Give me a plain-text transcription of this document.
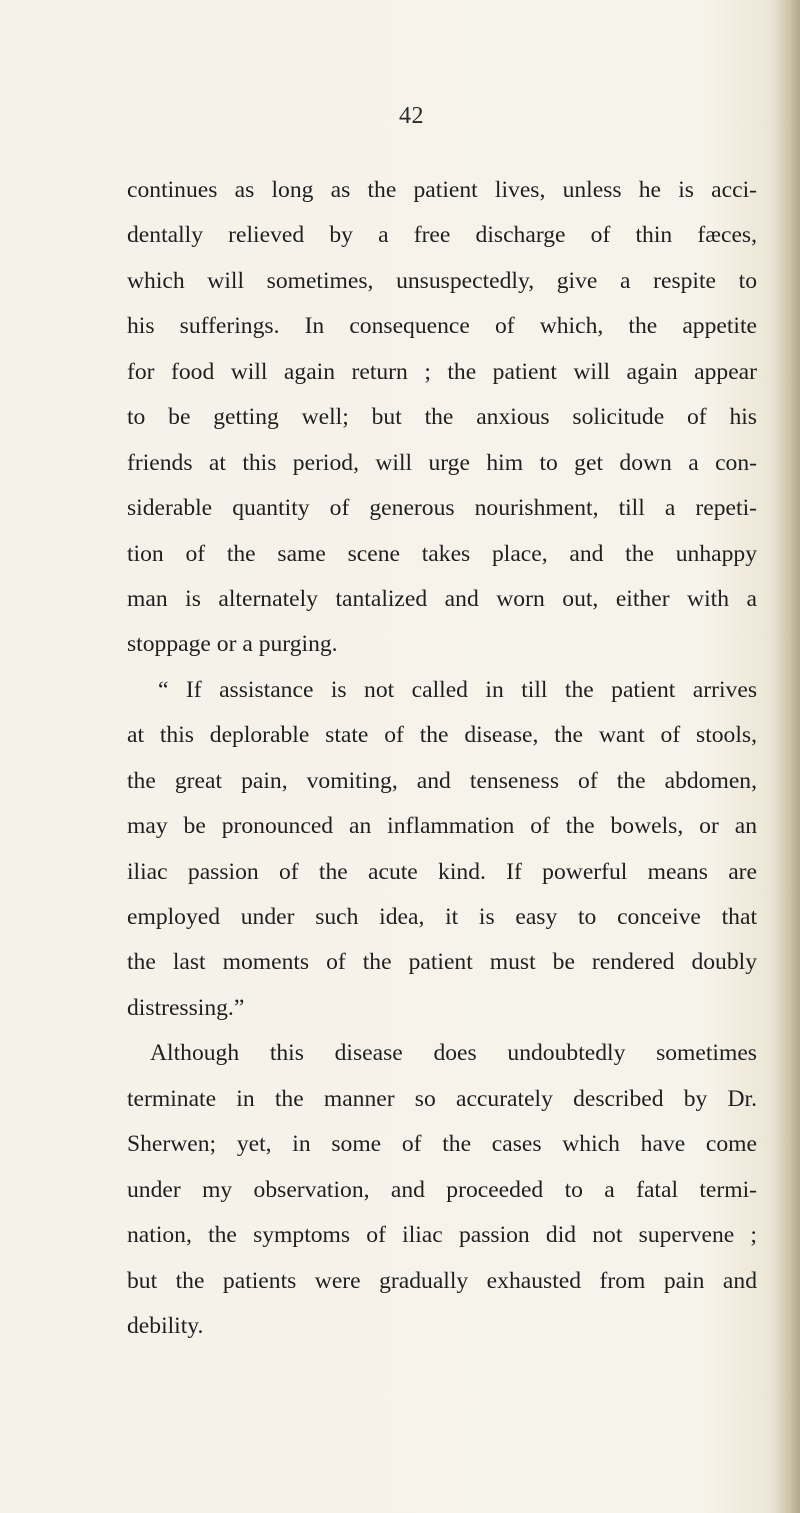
42
continues as long as the patient lives, unless he is acci-
dentally relieved by a free discharge of thin fæces,
which will sometimes, unsuspectedly, give a respite to
his sufferings. In consequence of which, the appetite
for food will again return ; the patient will again appear
to be getting well; but the anxious solicitude of his
friends at this period, will urge him to get down a con-
siderable quantity of generous nourishment, till a repeti-
tion of the same scene takes place, and the unhappy
man is alternately tantalized and worn out, either with a
stoppage or a purging.
“ If assistance is not called in till the patient arrives
at this deplorable state of the disease, the want of stools,
the great pain, vomiting, and tenseness of the abdomen,
may be pronounced an inflammation of the bowels, or an
iliac passion of the acute kind. If powerful means are
employed under such idea, it is easy to conceive that
the last moments of the patient must be rendered doubly
distressing.”
Although this disease does undoubtedly sometimes
terminate in the manner so accurately described by Dr.
Sherwen; yet, in some of the cases which have come
under my observation, and proceeded to a fatal termi-
nation, the symptoms of iliac passion did not supervene ;
but the patients were gradually exhausted from pain and
debility.
